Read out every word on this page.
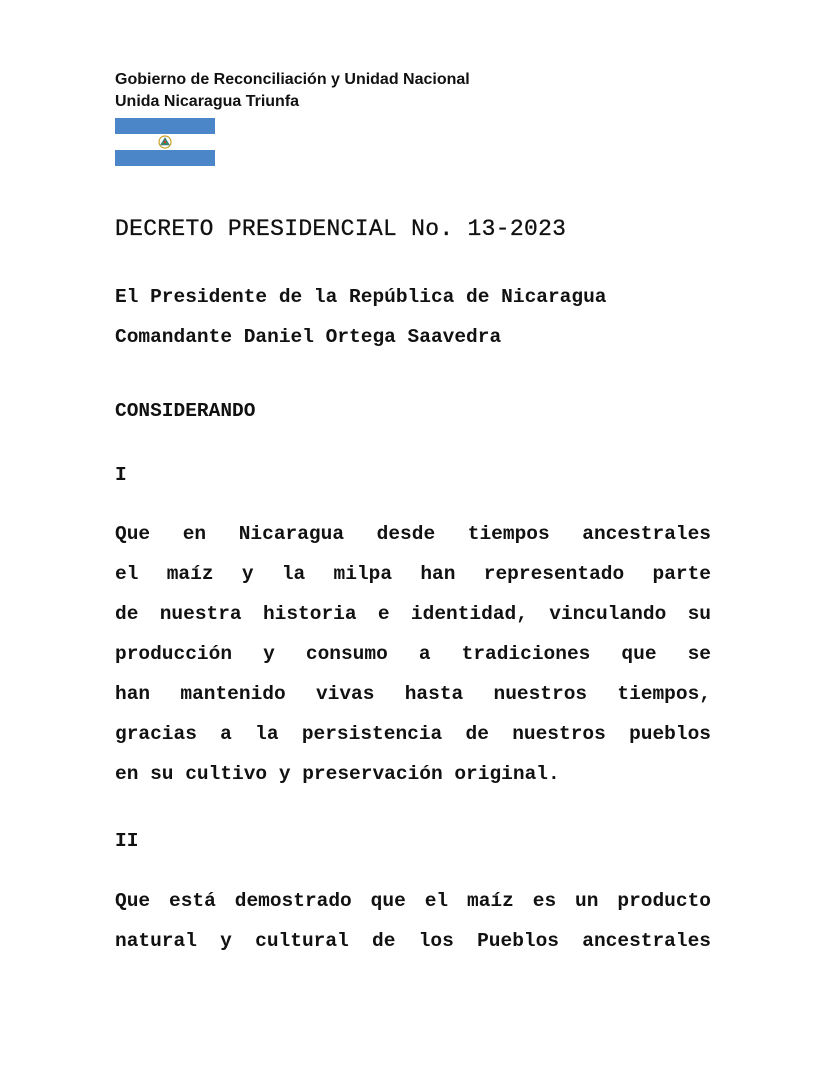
Gobierno de Reconciliación y Unidad Nacional
Unida Nicaragua Triunfa
DECRETO PRESIDENCIAL No. 13-2023
El Presidente de la República de Nicaragua
Comandante Daniel Ortega Saavedra
CONSIDERANDO
I
Que en Nicaragua desde tiempos ancestrales
el maíz y la milpa han representado parte
de nuestra historia e identidad, vinculando su
producción y consumo a tradiciones que se
han mantenido vivas hasta nuestros tiempos,
gracias a la persistencia de nuestros pueblos
en su cultivo y preservación original.
II
Que está demostrado que el maíz es un producto
natural y cultural de los Pueblos ancestrales
